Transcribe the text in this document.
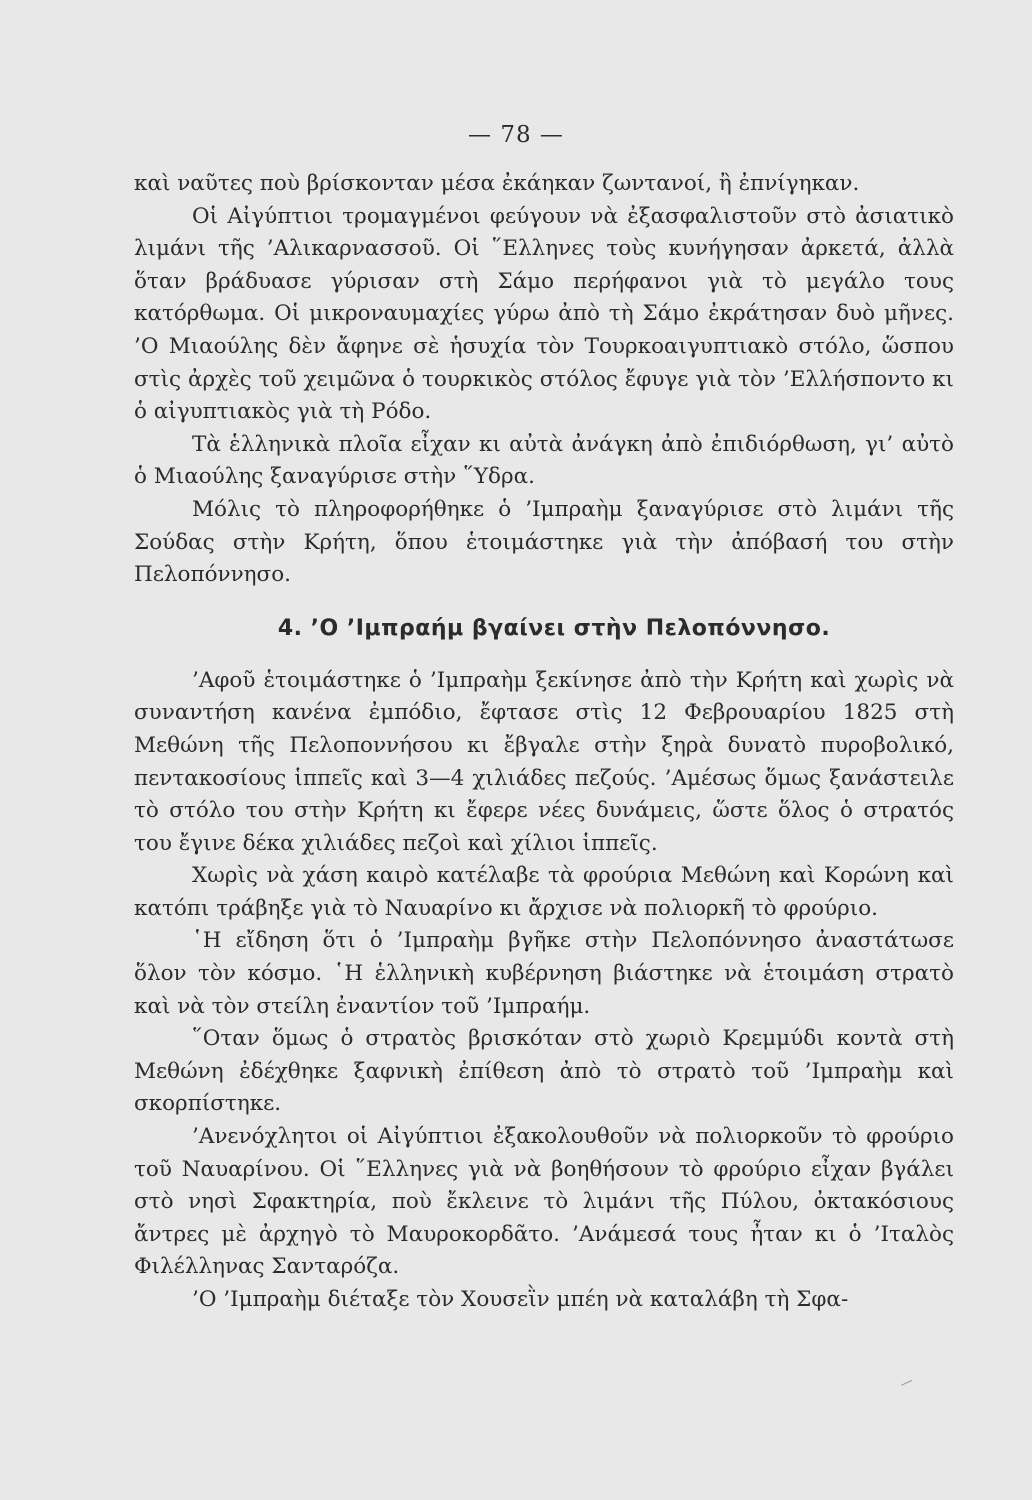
— 78 —

καὶ ναῦτες ποὺ βρίσκονταν μέσα ἐκάηκαν ζωντανοί, ἢ ἐπνίγηκαν.

Οἱ Αἰγύπτιοι τρομαγμένοι φεύγουν νὰ ἐξασφαλιστοῦν στὸ ἀσιατικὸ λιμάνι τῆς ’Αλικαρνασσοῦ. Οἱ ῞Ελληνες τοὺς κυνήγησαν ἀρκετά, ἀλλὰ ὅταν βράδυασε γύρισαν στὴ Σάμο περήφανοι γιὰ τὸ μεγάλο τους κατόρθωμα. Οἱ μικροναυμαχίες γύρω ἀπὸ τὴ Σάμο ἐκράτησαν δυὸ μῆνες. ’Ο Μιαούλης δὲν ἄφηνε σὲ ἡσυχία τὸν Τουρκοαιγυπτιακὸ στόλο, ὥσπου στὶς ἀρχὲς τοῦ χειμῶνα ὁ τουρκικὸς στόλος ἔφυγε γιὰ τὸν ’Ελλήσποντο κι ὁ αἰγυπτιακὸς γιὰ τὴ Ρόδο.

Τὰ ἑλληνικὰ πλοῖα εἶχαν κι αὐτὰ ἀνάγκη ἀπὸ ἐπιδιόρθωση, γι’ αὐτὸ ὁ Μιαούλης ξαναγύρισε στὴν ῞Υδρα.

Μόλις τὸ πληροφορήθηκε ὁ ’Ιμπραὴμ ξαναγύρισε στὸ λιμάνι τῆς Σούδας στὴν Κρήτη, ὅπου ἑτοιμάστηκε γιὰ τὴν ἀπόβασή του στὴν Πελοπόννησο.

4. ’Ο ’Ιμπραήμ βγαίνει στὴν Πελοπόννησο.

’Αφοῦ ἑτοιμάστηκε ὁ ’Ιμπραὴμ ξεκίνησε ἀπὸ τὴν Κρήτη καὶ χωρὶς νὰ συναντήση κανένα ἐμπόδιο, ἔφτασε στὶς 12 Φεβρουαρίου 1825 στὴ Μεθώνη τῆς Πελοποννήσου κι ἔβγαλε στὴν ξηρὰ δυνατὸ πυροβολικό, πεντακοσίους ἱππεῖς καὶ 3—4 χιλιάδες πεζούς. ’Αμέσως ὅμως ξανάστειλε τὸ στόλο του στὴν Κρήτη κι ἔφερε νέες δυνάμεις, ὥστε ὅλος ὁ στρατός του ἔγινε δέκα χιλιάδες πεζοὶ καὶ χίλιοι ἱππεῖς.

Χωρὶς νὰ χάση καιρὸ κατέλαβε τὰ φρούρια Μεθώνη καὶ Κορώνη καὶ κατόπι τράβηξε γιὰ τὸ Ναυαρίνο κι ἄρχισε νὰ πολιορκῆ τὸ φρούριο.

῾Η εἴδηση ὅτι ὁ ’Ιμπραὴμ βγῆκε στὴν Πελοπόννησο ἀναστάτωσε ὅλον τὸν κόσμο. ῾Η ἑλληνικὴ κυβέρνηση βιάστηκε νὰ ἑτοιμάση στρατὸ καὶ νὰ τὸν στείλη ἐναντίον τοῦ ’Ιμπραήμ.

῞Οταν ὅμως ὁ στρατὸς βρισκόταν στὸ χωριὸ Κρεμμύδι κοντὰ στὴ Μεθώνη ἐδέχθηκε ξαφνικὴ ἐπίθεση ἀπὸ τὸ στρατὸ τοῦ ’Ιμπραὴμ καὶ σκορπίστηκε.

’Ανενόχλητοι οἱ Αἰγύπτιοι ἐξακολουθοῦν νὰ πολιορκοῦν τὸ φρούριο τοῦ Ναυαρίνου. Οἱ ῞Ελληνες γιὰ νὰ βοηθήσουν τὸ φρούριο εἶχαν βγάλει στὸ νησὶ Σφακτηρία, ποὺ ἔκλεινε τὸ λιμάνι τῆς Πύλου, ὀκτακόσιους ἄντρες μὲ ἀρχηγὸ τὸ Μαυροκορδᾶτο. ’Ανάμεσά τους ἦταν κι ὁ ’Ιταλὸς Φιλέλληνας Σανταρόζα.

’Ο ’Ιμπραὴμ διέταξε τὸν Χουσεῒν μπέη νὰ καταλάβη τὴ Σφα-
